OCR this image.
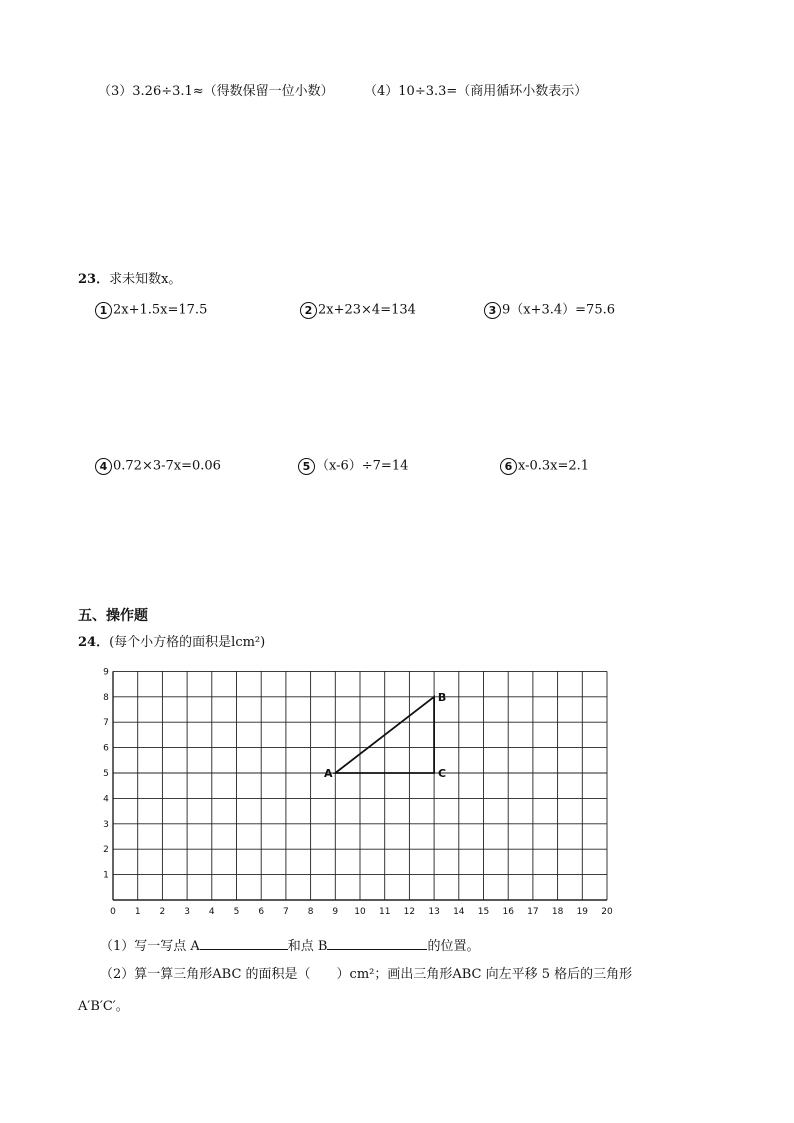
（3）3.26÷3.1≈（得数保留一位小数） （4）10÷3.3=（商用循环小数表示）
23．求未知数x。
1 2x+1.5x=17.5	2 2x+23×4=134	3 9（x+3.4）=75.6
4 0.72×3-7x=0.06	5 （x-6）÷7=14	6 x-0.3x=2.1
五、操作题
24．(每个小方格的面积是lcm²)
0 1 2 3 4 5 6 7 8 9 10 11 12 13 14 15 16 17 18 19 20
1
2
3
4
5
6
7
8
9
A
B
C
（1）写一写点 A	和点 B	的位置。
（2）算一算三角形ABC 的面积是（　　）cm²；画出三角形ABC 向左平移 5 格后的三角形
A′B′C′。
